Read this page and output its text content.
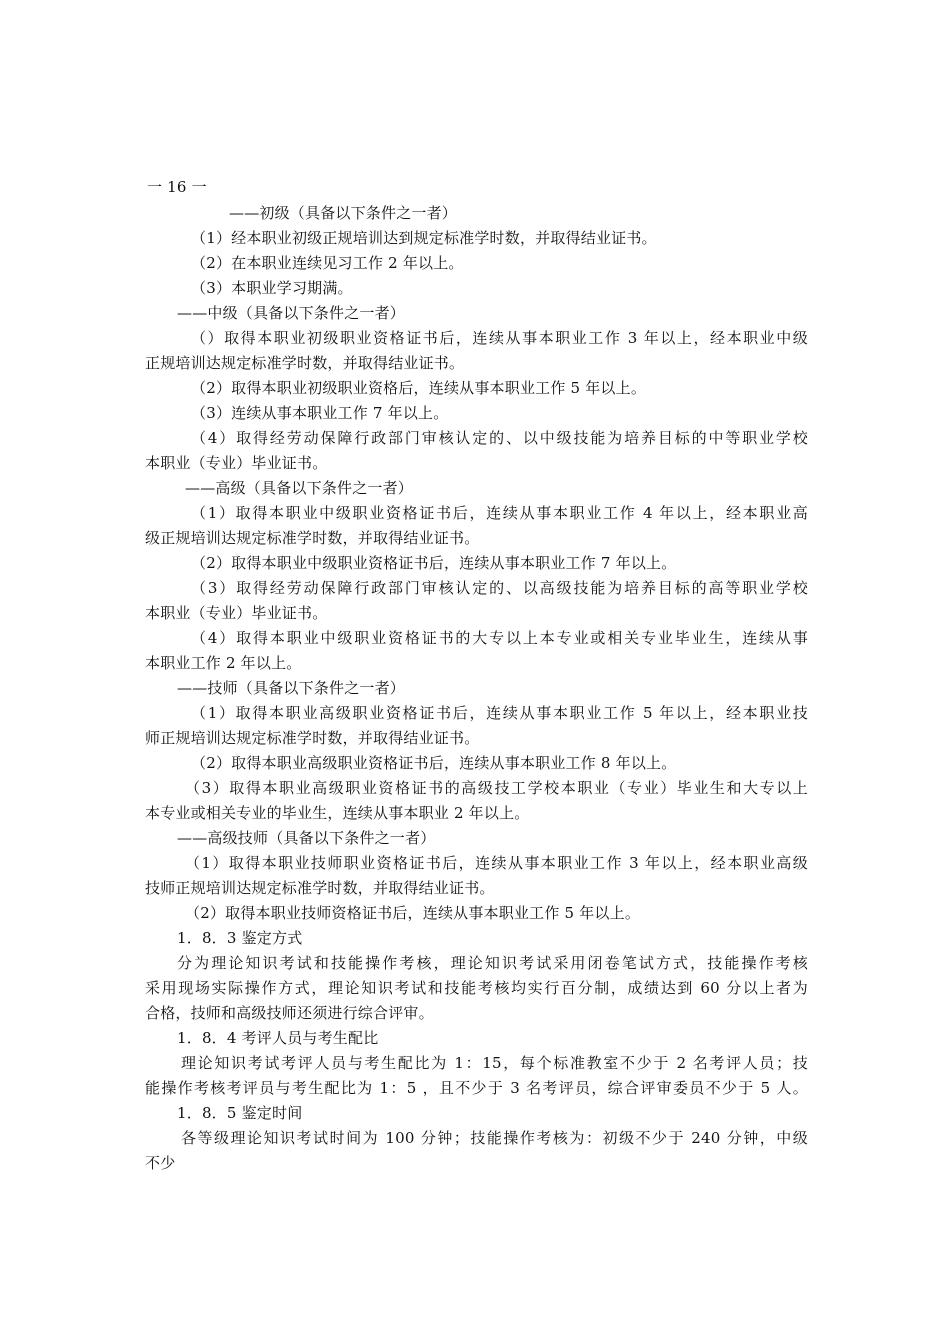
一 16 一
——初级（具备以下条件之一者）
（1）经本职业初级正规培训达到规定标准学时数，并取得结业证书。
（2）在本职业连续见习工作 2 年以上。
（3）本职业学习期满。
——中级（具备以下条件之一者）
（）取得本职业初级职业资格证书后，连续从事本职业工作 3 年以上，经本职业中级
正规培训达规定标准学时数，并取得结业证书。
（2）取得本职业初级职业资格后，连续从事本职业工作 5 年以上。
（3）连续从事本职业工作 7 年以上。
（4）取得经劳动保障行政部门审核认定的、以中级技能为培养目标的中等职业学校
本职业（专业）毕业证书。
——高级（具备以下条件之一者）
（1）取得本职业中级职业资格证书后，连续从事本职业工作 4 年以上，经本职业高
级正规培训达规定标准学时数，并取得结业证书。
（2）取得本职业中级职业资格证书后，连续从事本职业工作 7 年以上。
（3）取得经劳动保障行政部门审核认定的、以高级技能为培养目标的高等职业学校
本职业（专业）毕业证书。
（4）取得本职业中级职业资格证书的大专以上本专业或相关专业毕业生，连续从事
本职业工作 2 年以上。
——技师（具备以下条件之一者）
（1）取得本职业高级职业资格证书后，连续从事本职业工作 5 年以上，经本职业技
师正规培训达规定标准学时数，并取得结业证书。
（2）取得本职业高级职业资格证书后，连续从事本职业工作 8 年以上。
（3）取得本职业高级职业资格证书的高级技工学校本职业（专业）毕业生和大专以上
本专业或相关专业的毕业生，连续从事本职业 2 年以上。
——高级技师（具备以下条件之一者）
（1）取得本职业技师职业资格证书后，连续从事本职业工作 3 年以上，经本职业高级
技师正规培训达规定标准学时数，并取得结业证书。
（2）取得本职业技师资格证书后，连续从事本职业工作 5 年以上。
1．8．3 鉴定方式
分为理论知识考试和技能操作考核，理论知识考试采用闭卷笔试方式，技能操作考核
采用现场实际操作方式，理论知识考试和技能考核均实行百分制，成绩达到 60 分以上者为
合格，技师和高级技师还须进行综合评审。
1．8．4 考评人员与考生配比
理论知识考试考评人员与考生配比为 1：15，每个标准教室不少于 2 名考评人员；技
能操作考核考评员与考生配比为 1：5 ，且不少于 3 名考评员，综合评审委员不少于 5 人。
1．8．5 鉴定时间
各等级理论知识考试时间为 100 分钟；技能操作考核为：初级不少于 240 分钟，中级
不少
